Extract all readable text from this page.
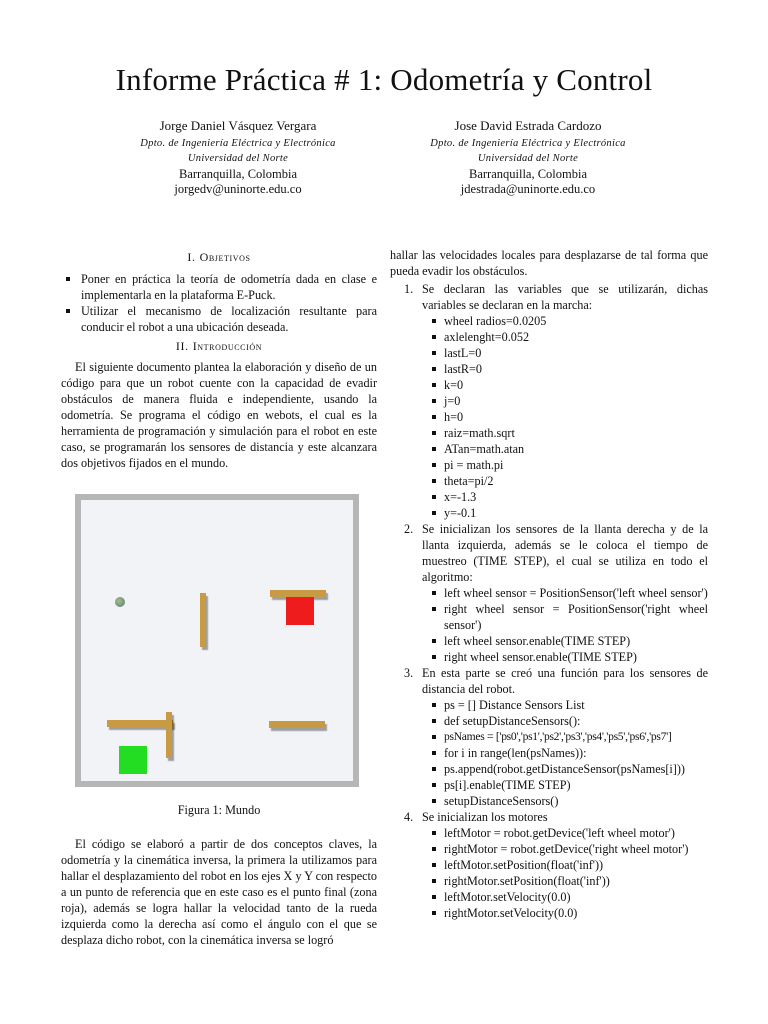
Informe Práctica # 1: Odometría y Control
Jorge Daniel Vásquez Vergara
Dpto. de Ingeniería Eléctrica y Electrónica
Universidad del Norte
Barranquilla, Colombia
jorgedv@uninorte.edu.co
Jose David Estrada Cardozo
Dpto. de Ingeniería Eléctrica y Electrónica
Universidad del Norte
Barranquilla, Colombia
jdestrada@uninorte.edu.co
I. Objetivos
Poner en práctica la teoría de odometría dada en clase e implementarla en la plataforma E-Puck.
Utilizar el mecanismo de localización resultante para conducir el robot a una ubicación deseada.
II. Introducción

El siguiente documento plantea la elaboración y diseño de un código para que un robot cuente con la capacidad de evadir obstáculos de manera fluida e independiente, usando la odometría. Se programa el código en webots, el cual es la herramienta de programación y simulación para el robot en este caso, se programarán los sensores de distancia y este alcanzara dos objetivos fijados en el mundo.

Figura 1: Mundo

El código se elaboró a partir de dos conceptos claves, la odometría y la cinemática inversa, la primera la utilizamos para hallar el desplazamiento del robot en los ejes X y Y con respecto a un punto de referencia que en este caso es el punto final (zona roja), además se logra hallar la velocidad tanto de la rueda izquierda como la derecha así como el ángulo con el que se desplaza dicho robot, con la cinemática inversa se logró

hallar las velocidades locales para desplazarse de tal forma que pueda evadir los obstáculos.

1. Se declaran las variables que se utilizarán, dichas variables se declaran en la marcha:
wheel radios=0.0205
axlelenght=0.052
lastL=0
lastR=0
k=0
j=0
h=0
raiz=math.sqrt
ATan=math.atan
pi = math.pi
theta=pi/2
x=-1.3
y=-0.1
2. Se inicializan los sensores de la llanta derecha y de la llanta izquierda, además se le coloca el tiempo de muestreo (TIME STEP), el cual se utiliza en todo el algoritmo:
left wheel sensor = PositionSensor('left wheel sensor')
right wheel sensor = PositionSensor('right wheel sensor')
left wheel sensor.enable(TIME STEP)
right wheel sensor.enable(TIME STEP)
3. En esta parte se creó una función para los sensores de distancia del robot.
ps = [] Distance Sensors List
def setupDistanceSensors():
psNames = ['ps0','ps1','ps2','ps3','ps4','ps5','ps6','ps7']
for i in range(len(psNames)):
ps.append(robot.getDistanceSensor(psNames[i]))
ps[i].enable(TIME STEP)
setupDistanceSensors()
4. Se inicializan los motores
leftMotor = robot.getDevice('left wheel motor')
rightMotor = robot.getDevice('right wheel motor')
leftMotor.setPosition(float('inf'))
rightMotor.setPosition(float('inf'))
leftMotor.setVelocity(0.0)
rightMotor.setVelocity(0.0)
